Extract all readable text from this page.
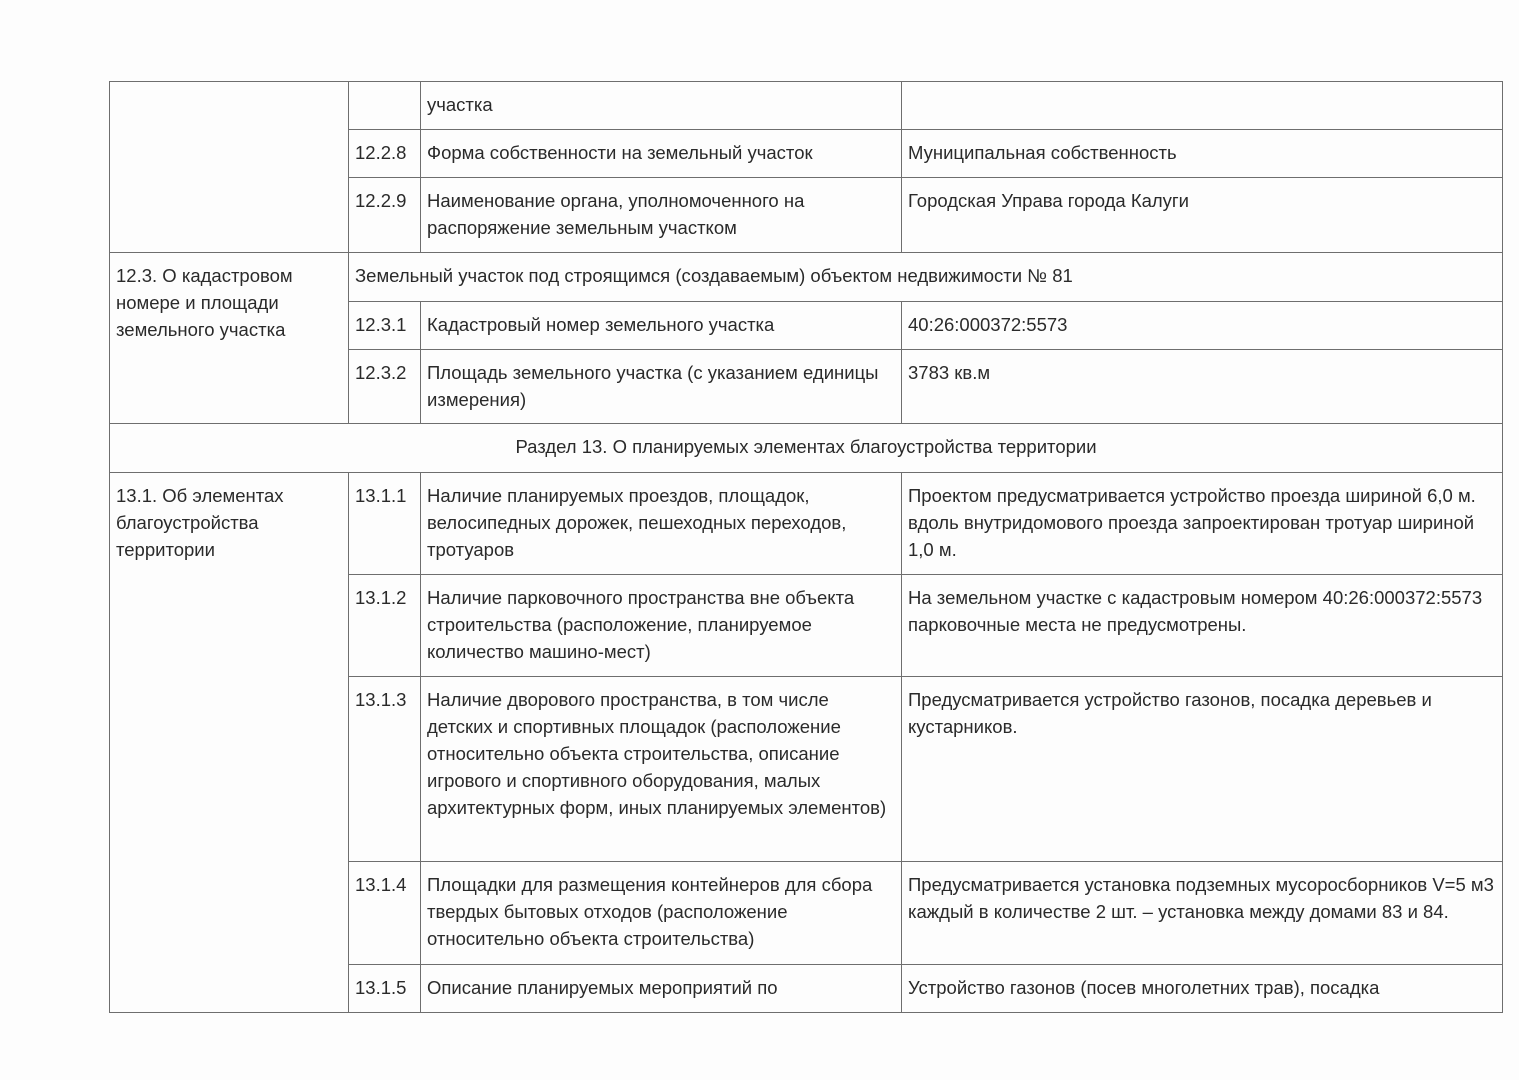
		участка	
	12.2.8	Форма собственности на земельный участок	Муниципальная собственность
	12.2.9	Наименование органа, уполномоченного на распоряжение земельным участком	Городская Управа города Калуги
12.3. О кадастровом номере и площади земельного участка	Земельный участок под строящимся (создаваемым) объектом недвижимости № 81		
	12.3.1	Кадастровый номер земельного участка	40:26:000372:5573
	12.3.2	Площадь земельного участка (с указанием единицы измерения)	3783 кв.м
Раздел 13. О планируемых элементах благоустройства территории			
13.1. Об элементах благоустройства территории	13.1.1	Наличие планируемых проездов, площадок, велосипедных дорожек, пешеходных переходов, тротуаров	Проектом предусматривается устройство проезда шириной 6,0 м. вдоль внутридомового проезда запроектирован тротуар шириной 1,0 м.
	13.1.2	Наличие парковочного пространства вне объекта строительства (расположение, планируемое количество машино-мест)	На земельном участке с кадастровым номером 40:26:000372:5573 парковочные места не предусмотрены.
	13.1.3	Наличие дворового пространства, в том числе детских и спортивных площадок (расположение относительно объекта строительства, описание игрового и спортивного оборудования, малых архитектурных форм, иных планируемых элементов)	Предусматривается устройство газонов, посадка деревьев и кустарников.
	13.1.4	Площадки для размещения контейнеров для сбора твердых бытовых отходов (расположение относительно объекта строительства)	Предусматривается установка подземных мусоросборников V=5 м3 каждый в количестве 2 шт. – установка между домами 83 и 84.
	13.1.5	Описание планируемых мероприятий по	Устройство газонов (посев многолетних трав), посадка
